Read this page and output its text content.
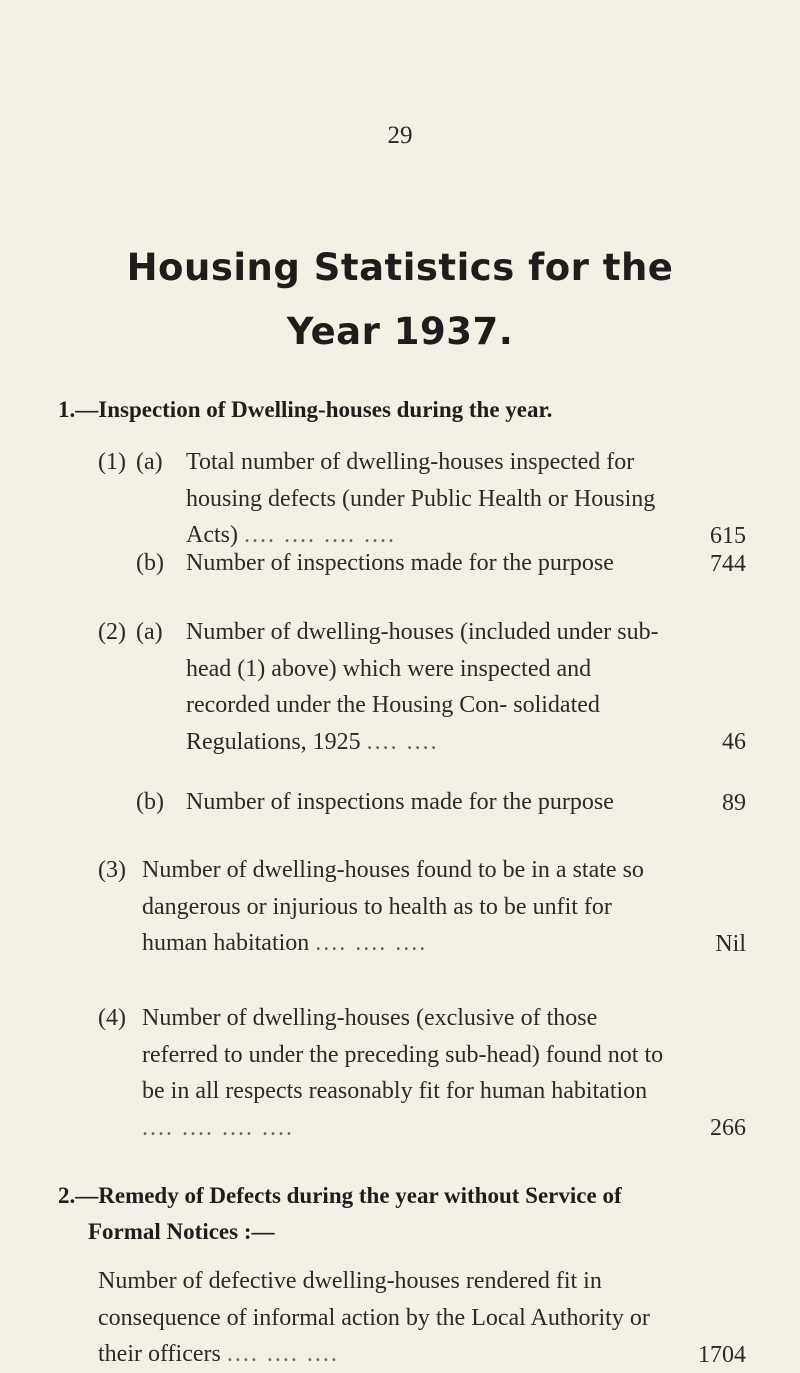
29
Housing Statistics for the
Year 1937.
1.—Inspection of Dwelling-houses during the year.
(1) (a) Total number of dwelling-houses inspected for housing defects (under Public Health or Housing Acts) .... .... .... ....	615
(b) Number of inspections made for the purpose	744
(2) (a) Number of dwelling-houses (included under sub-head (1) above) which were inspected and recorded under the Housing Con- solidated Regulations, 1925 .... ....	46
(b) Number of inspections made for the purpose	89
(3) Number of dwelling-houses found to be in a state so dangerous or injurious to health as to be unfit for human habitation .... .... ....	Nil
(4) Number of dwelling-houses (exclusive of those referred to under the preceding sub-head) found not to be in all respects reasonably fit for human habitation .... .... .... ....	266
2.—Remedy of Defects during the year without Service of
Formal Notices :—
Number of defective dwelling-houses rendered fit in consequence of informal action by the Local Authority or their officers .... .... ....	1704
